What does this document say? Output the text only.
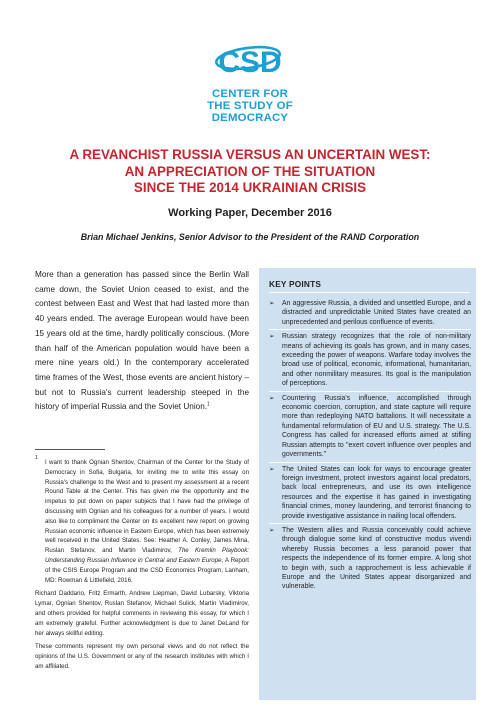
CSD
CENTER FOR
THE STUDY OF
DEMOCRACY
A REVANCHIST RUSSIA VERSUS AN UNCERTAIN WEST:
AN APPRECIATION OF THE SITUATION
SINCE THE 2014 UKRAINIAN CRISIS
Working Paper, December 2016
Brian Michael Jenkins, Senior Advisor to the President of the RAND Corporation
More than a generation has passed since the Berlin Wall came down, the Soviet Union ceased to exist, and the contest between East and West that had lasted more than 40 years ended. The average European would have been 15 years old at the time, hardly politically conscious. (More than half of the American population would have been a mere nine years old.) In the contemporary accelerated time frames of the West, those events are ancient history – but not to Russia's current leadership steeped in the history of imperial Russia and the Soviet Union.$^1$

1
I want to thank Ognian Shentov, Chairman of the Center for the Study of Democracy in Sofia, Bulgaria, for inviting me to write this essay on Russia's challenge to the West and to present my assessment at a recent Round Table at the Center. This has given me the opportunity and the impetus to put down on paper subjects that I have had the privilege of discussing with Ognian and his colleagues for a number of years. I would also like to compliment the Center on its excellent new report on growing Russian economic influence in Eastern Europe, which has been extremely well received in the United States. See: Heather A. Conley, James Mina, Ruslan Stefanov, and Martin Vladimirov, The Kremlin Playbook: Understanding Russian Influence in Central and Eastern Europe, A Report of the CSIS Europe Program and the CSD Economics Program, Lanham, MD: Rowman & Littlefield, 2016.

Richard Daddario, Fritz Ermarth, Andrew Liepman, David Lubarsky, Viktoria Lymar, Ognian Shentov, Ruslan Stefanov, Michael Sulick, Martin Vladimirov, and others provided for helpful comments in reviewing this essay, for which I am extremely grateful. Further acknowledgment is due to Janet DeLand for her always skillful editing.

These comments represent my own personal views and do not reflect the opinions of the U.S. Government or any of the research institutes with which I am affiliated.

KEY POINTS
➢ An aggressive Russia, a divided and unsettled Europe, and a distracted and unpredictable United States have created an unprecedented and perilous confluence of events.
➢ Russian strategy recognizes that the role of non-military means of achieving its goals has grown, and in many cases, exceeding the power of weapons. Warfare today involves the broad use of political, economic, informational, humanitarian, and other nonmilitary measures. Its goal is the manipulation of perceptions.
➢ Countering Russia's influence, accomplished through economic coercion, corruption, and state capture will require more than redeploying NATO battalions. It will necessitate a fundamental reformulation of EU and U.S. strategy. The U.S. Congress has called for increased efforts aimed at stifling Russian attempts to "exert covert influence over peoples and governments."
➢ The United States can look for ways to encourage greater foreign investment, protect investors against local predators, back local entrepreneurs, and use its own intelligence resources and the expertise it has gained in investigating financial crimes, money laundering, and terrorist financing to provide investigative assistance in nailing local offenders.
➢ The Western allies and Russia conceivably could achieve through dialogue some kind of constructive modus vivendi whereby Russia becomes a less paranoid power that respects the independence of its former empire. A long shot to begin with, such a rapprochement is less achievable if Europe and the United States appear disorganized and vulnerable.
